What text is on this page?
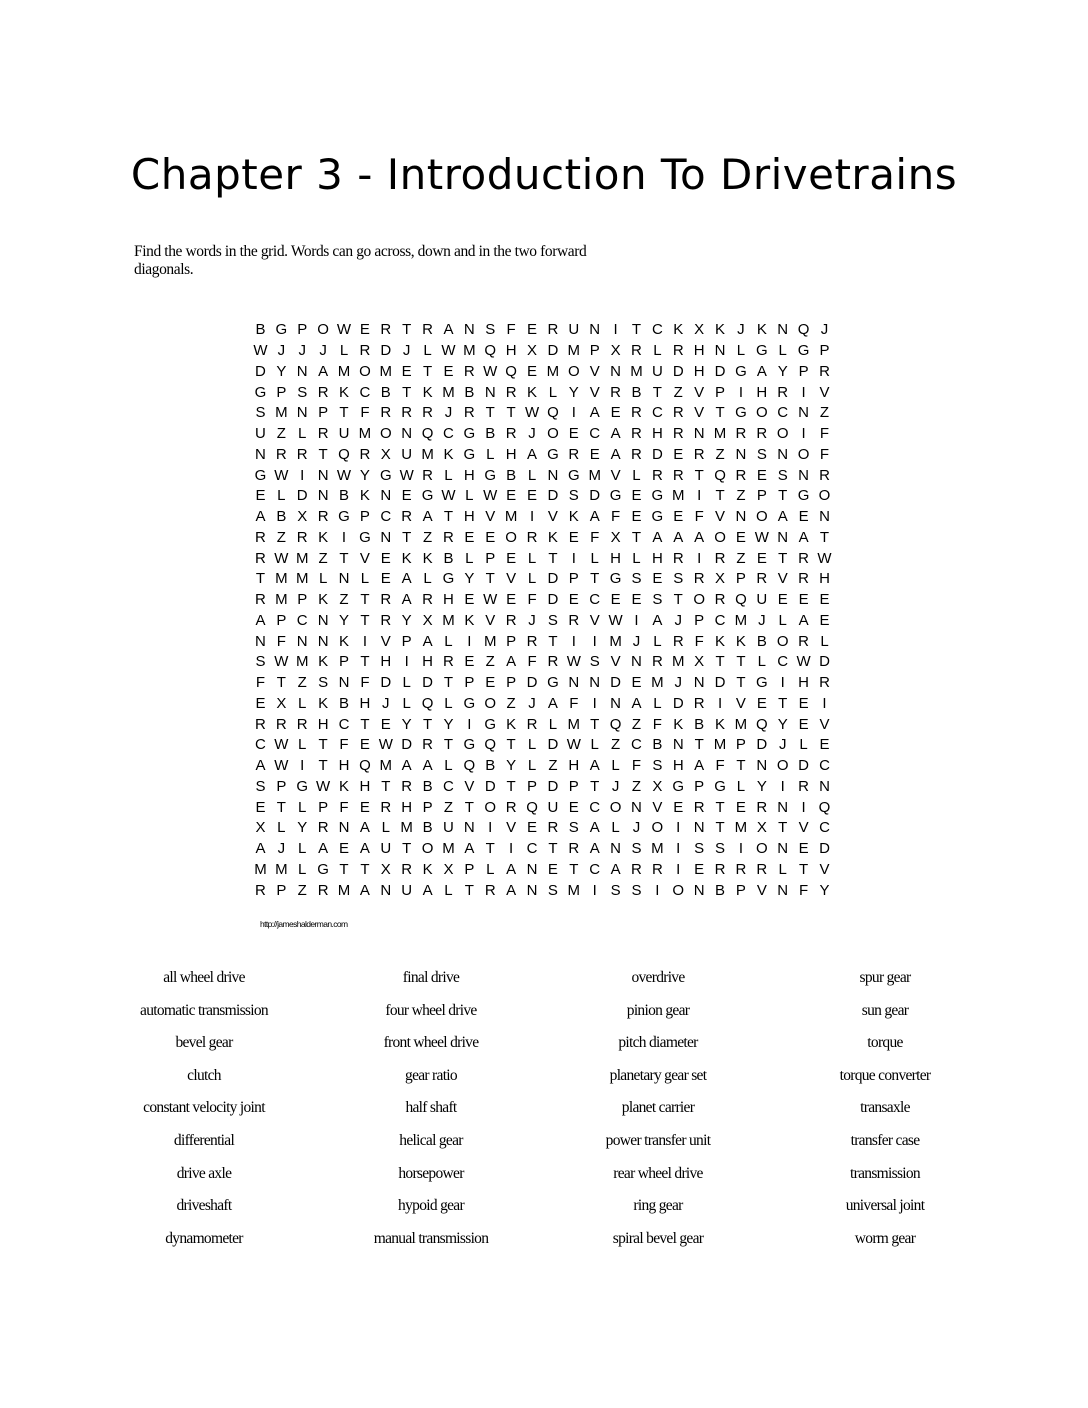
Chapter 3 - Introduction To Drivetrains
Find the words in the grid. Words can go across, down and in the two forward diagonals.
B G P O W E R T R A N S F E R U N I T C K X K J K N Q J
W J J J L R D J L W M Q H X D M P X R L R H N L G L G P
D Y N A M O M E T E R W Q E M O V N M U D H D G A Y P R
G P S R K C B T K M B N R K L Y V R B T Z V P I H R I V
S M N P T F R R R J R T T W Q I A E R C R V T G O C N Z
U Z L R U M O N Q C G B R J O E C A R H R N M R R O I F
N R R T Q R X U M K G L H A G R E A R D E R Z N S N O F
G W I N W Y G W R L H G B L N G M V L R R T Q R E S N R
E L D N B K N E G W L W E E D S D G E G M I T Z P T G O
A B X R G P C R A T H V M I V K A F E G E F V N O A E N
R Z R K I G N T Z R E E O R K E F X T A A A O E W N A T
R W M Z T V E K K B L P E L T I L H L H R I R Z E T R W
T M M L N L E A L G Y T V L D P T G S E S R X P R V R H
R M P K Z T R A R H E W E F D E C E E S T O R Q U E E E
A P C N Y T R Y X M K V R J S R V W I A J P C M J L A E
N F N N K I V P A L I M P R T I	I M J L R F K K B O R L
S W M K P T H I H R E Z A F R W S V N R M X T T L C W D
F T Z S N F D L D T P E P D G N N D E M J N D T G I H R
E X L K B H J L Q L G O Z J A F I N A L D R I V E T E I
R R R H C T E Y T Y I G K R L M T Q Z F K B K M Q Y E V
C W L T F E W D R T G Q T L D W L Z C B N T M P D J L E
A W I T H Q M A A L Q B Y L Z H A L F S H A F T N O D C
S P G W K H T R B C V D T P D P T J Z X G P G L Y I R N
E T L P F E R H P Z T O R Q U E C O N V E R T E R N I Q
X L Y R N A L M B U N I V E R S A L J O I N T M X T V C
A J L A E A U T O M A T I C T R A N S M I S S I O N E D
M M L G T T X R K X P L A N E T C A R R I E R R R L T V
R P Z R M A N U A L T R A N S M I S S I O N B P V N F Y
http://jameshalderman.com
all wheel drive
automatic transmission
bevel gear
clutch
constant velocity joint
differential
drive axle
driveshaft
dynamometer
final drive
four wheel drive
front wheel drive
gear ratio
half shaft
helical gear
horsepower
hypoid gear
manual transmission
overdrive
pinion gear
pitch diameter
planetary gear set
planet carrier
power transfer unit
rear wheel drive
ring gear
spiral bevel gear
spur gear
sun gear
torque
torque converter
transaxle
transfer case
transmission
universal joint
worm gear
